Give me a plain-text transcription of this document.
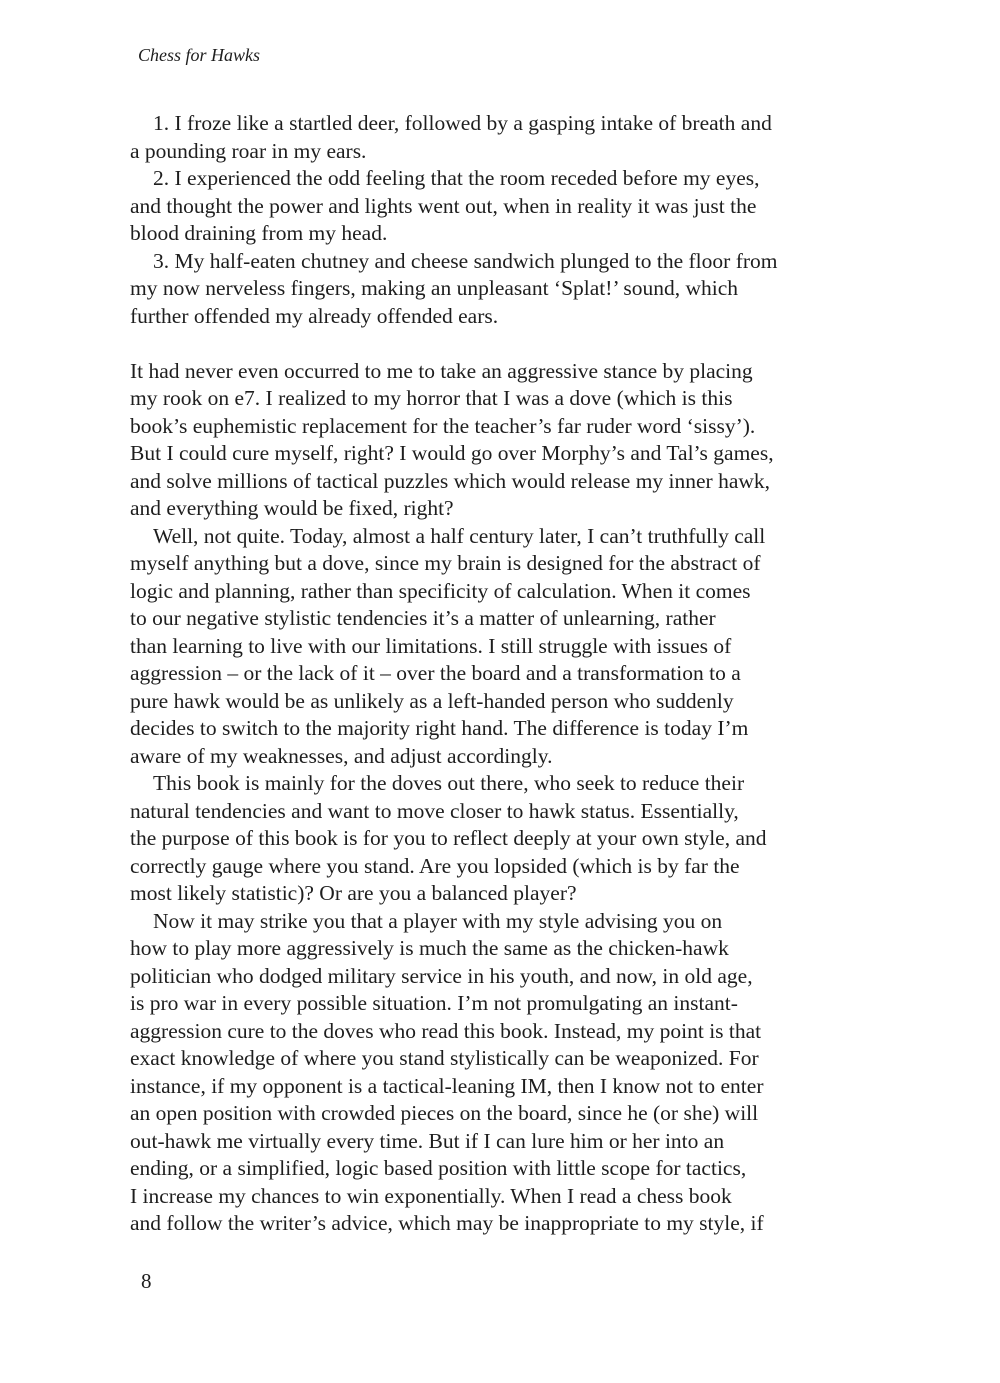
Chess for Hawks
1. I froze like a startled deer, followed by a gasping intake of breath and
a pounding roar in my ears.
2. I experienced the odd feeling that the room receded before my eyes,
and thought the power and lights went out, when in reality it was just the
blood draining from my head.
3. My half-eaten chutney and cheese sandwich plunged to the floor from
my now nerveless fingers, making an unpleasant ‘Splat!’ sound, which
further offended my already offended ears.
It had never even occurred to me to take an aggressive stance by placing
my rook on e7. I realized to my horror that I was a dove (which is this
book’s euphemistic replacement for the teacher’s far ruder word ‘sissy’).
But I could cure myself, right? I would go over Morphy’s and Tal’s games,
and solve millions of tactical puzzles which would release my inner hawk,
and everything would be fixed, right?
Well, not quite. Today, almost a half century later, I can’t truthfully call
myself anything but a dove, since my brain is designed for the abstract of
logic and planning, rather than specificity of calculation. When it comes
to our negative stylistic tendencies it’s a matter of unlearning, rather
than learning to live with our limitations. I still struggle with issues of
aggression – or the lack of it – over the board and a transformation to a
pure hawk would be as unlikely as a left-handed person who suddenly
decides to switch to the majority right hand. The difference is today I’m
aware of my weaknesses, and adjust accordingly.
This book is mainly for the doves out there, who seek to reduce their
natural tendencies and want to move closer to hawk status. Essentially,
the purpose of this book is for you to reflect deeply at your own style, and
correctly gauge where you stand. Are you lopsided (which is by far the
most likely statistic)? Or are you a balanced player?
Now it may strike you that a player with my style advising you on
how to play more aggressively is much the same as the chicken-hawk
politician who dodged military service in his youth, and now, in old age,
is pro war in every possible situation. I’m not promulgating an instant-
aggression cure to the doves who read this book. Instead, my point is that
exact knowledge of where you stand stylistically can be weaponized. For
instance, if my opponent is a tactical-leaning IM, then I know not to enter
an open position with crowded pieces on the board, since he (or she) will
out-hawk me virtually every time. But if I can lure him or her into an
ending, or a simplified, logic based position with little scope for tactics,
I increase my chances to win exponentially. When I read a chess book
and follow the writer’s advice, which may be inappropriate to my style, if
8
